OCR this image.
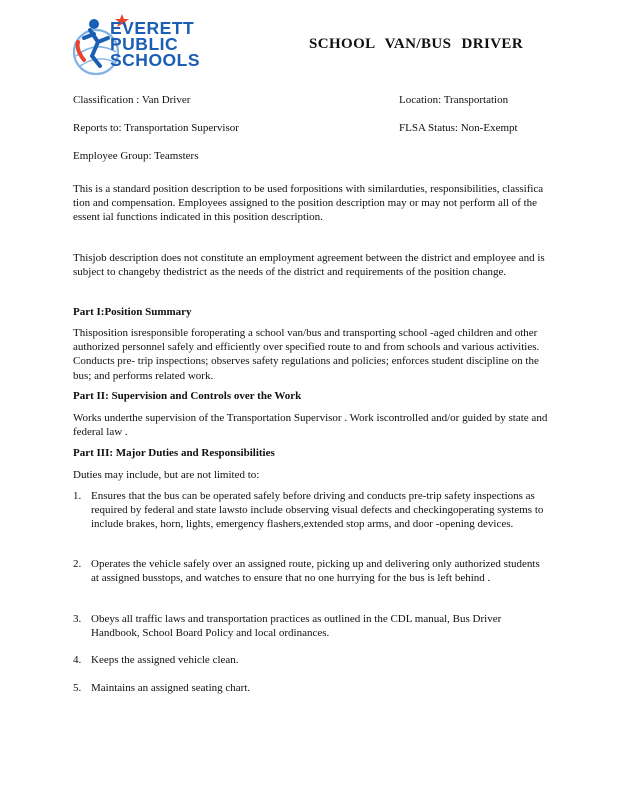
EVERETT
PUBLIC
SCHOOLS
SCHOOL VAN/BUS DRIVER
Classification : Van Driver	Location: Transportation
Reports to: Transportation Supervisor	FLSA Status: Non-Exempt
Employee Group: Teamsters

This is a standard position description to be used forpositions with similarduties, responsibilities, classifica tion and compensation. Employees assigned to the position description may or may not perform all of the essent ial functions indicated in this position description.

Thisjob description does not constitute an employment agreement between the district and employee and is subject to changeby thedistrict as the needs of the district and requirements of the position change.

Part I:Position Summary

Thisposition isresponsible foroperating a school van/bus and transporting school -aged children and other authorized personnel safely and efficiently over specified route to and from schools and various activities. Conducts pre- trip inspections; observes safety regulations and policies; enforces student discipline on the bus; and performs related work.

Part II: Supervision and Controls over the Work

Works underthe supervision of the Transportation Supervisor . Work iscontrolled and/or guided by state and federal law .

Part III: Major Duties and Responsibilities

Duties may include, but are not limited to:

1. Ensures that the bus can be operated safely before driving and conducts pre-trip safety inspections as required by federal and state lawsto include observing visual defects and checkingoperating systems to include brakes, horn, lights, emergency flashers,extended stop arms, and door -opening devices.
2. Operates the vehicle safely over an assigned route, picking up and delivering only authorized students at assigned busstops, and watches to ensure that no one hurrying for the bus is left behind .
3. Obeys all traffic laws and transportation practices as outlined in the CDL manual, Bus Driver Handbook, School Board Policy and local ordinances.
4. Keeps the assigned vehicle clean.
5. Maintains an assigned seating chart.
